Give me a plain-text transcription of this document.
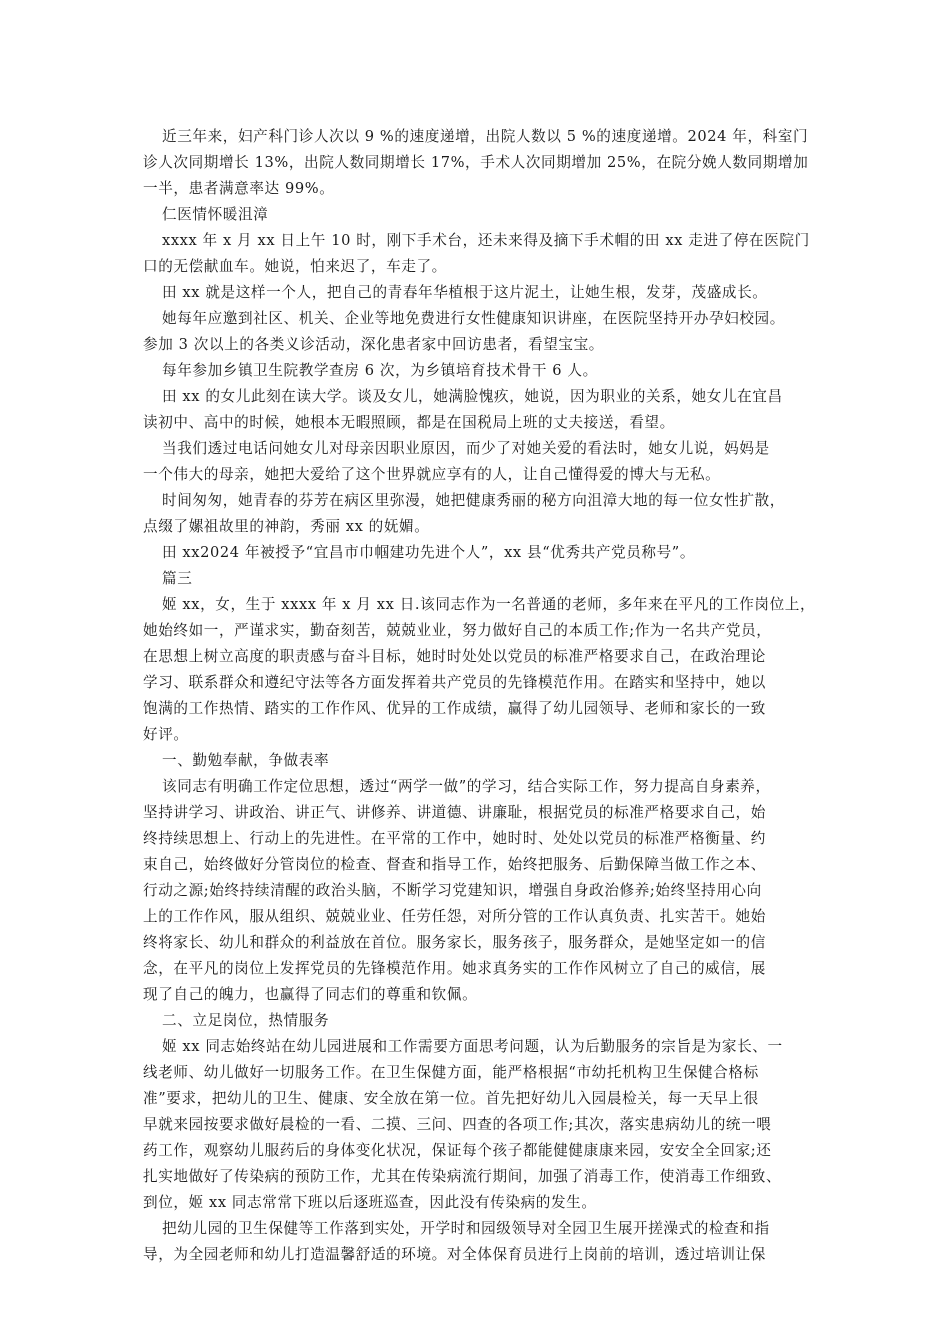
近三年来，妇产科门诊人次以 9 %的速度递增，出院人数以 5 %的速度递增。2024 年，科室门
诊人次同期增长 13%，出院人数同期增长 17%，手术人次同期增加 25%，在院分娩人数同期增加
一半，患者满意率达 99%。
仁医情怀暖沮漳
xxxx 年 x 月 xx 日上午 10 时，刚下手术台，还未来得及摘下手术帽的田 xx 走进了停在医院门
口的无偿献血车。她说，怕来迟了，车走了。
田 xx 就是这样一个人，把自己的青春年华植根于这片泥土，让她生根，发芽，茂盛成长。
她每年应邀到社区、机关、企业等地免费进行女性健康知识讲座，在医院坚持开办孕妇校园。
参加 3 次以上的各类义诊活动，深化患者家中回访患者，看望宝宝。
每年参加乡镇卫生院教学查房 6 次，为乡镇培育技术骨干 6 人。
田 xx 的女儿此刻在读大学。谈及女儿，她满脸愧疚，她说，因为职业的关系，她女儿在宜昌
读初中、高中的时候，她根本无暇照顾，都是在国税局上班的丈夫接送，看望。
当我们透过电话问她女儿对母亲因职业原因，而少了对她关爱的看法时，她女儿说，妈妈是
一个伟大的母亲，她把大爱给了这个世界就应享有的人，让自己懂得爱的博大与无私。
时间匆匆，她青春的芬芳在病区里弥漫，她把健康秀丽的秘方向沮漳大地的每一位女性扩散，
点缀了嫘祖故里的神韵，秀丽 xx 的妩媚。
田 xx2024 年被授予“宜昌市巾帼建功先进个人”，xx 县“优秀共产党员称号”。
篇三
姬 xx，女，生于 xxxx 年 x 月 xx 日.该同志作为一名普通的老师，多年来在平凡的工作岗位上，
她始终如一，严谨求实，勤奋刻苦，兢兢业业，努力做好自己的本质工作;作为一名共产党员，
在思想上树立高度的职责感与奋斗目标，她时时处处以党员的标准严格要求自己，在政治理论
学习、联系群众和遵纪守法等各方面发挥着共产党员的先锋模范作用。在踏实和坚持中，她以
饱满的工作热情、踏实的工作作风、优异的工作成绩，赢得了幼儿园领导、老师和家长的一致
好评。
一、勤勉奉献，争做表率
该同志有明确工作定位思想，透过“两学一做”的学习，结合实际工作，努力提高自身素养，
坚持讲学习、讲政治、讲正气、讲修养、讲道德、讲廉耻，根据党员的标准严格要求自己，始
终持续思想上、行动上的先进性。在平常的工作中，她时时、处处以党员的标准严格衡量、约
束自己，始终做好分管岗位的检查、督查和指导工作，始终把服务、后勤保障当做工作之本、
行动之源;始终持续清醒的政治头脑，不断学习党建知识，增强自身政治修养;始终坚持用心向
上的工作作风，服从组织、兢兢业业、任劳任怨，对所分管的工作认真负责、扎实苦干。她始
终将家长、幼儿和群众的利益放在首位。服务家长，服务孩子，服务群众，是她坚定如一的信
念，在平凡的岗位上发挥党员的先锋模范作用。她求真务实的工作作风树立了自己的威信，展
现了自己的魄力，也赢得了同志们的尊重和钦佩。
二、立足岗位，热情服务
姬 xx 同志始终站在幼儿园进展和工作需要方面思考问题，认为后勤服务的宗旨是为家长、一
线老师、幼儿做好一切服务工作。在卫生保健方面，能严格根据“市幼托机构卫生保健合格标
准”要求，把幼儿的卫生、健康、安全放在第一位。首先把好幼儿入园晨检关，每一天早上很
早就来园按要求做好晨检的一看、二摸、三问、四查的各项工作;其次，落实患病幼儿的统一喂
药工作，观察幼儿服药后的身体变化状况，保证每个孩子都能健健康康来园，安安全全回家;还
扎实地做好了传染病的预防工作，尤其在传染病流行期间，加强了消毒工作，使消毒工作细致、
到位，姬 xx 同志常常下班以后逐班巡查，因此没有传染病的发生。
把幼儿园的卫生保健等工作落到实处，开学时和园级领导对全园卫生展开搓澡式的检查和指
导，为全园老师和幼儿打造温馨舒适的环境。对全体保育员进行上岗前的培训，透过培训让保
